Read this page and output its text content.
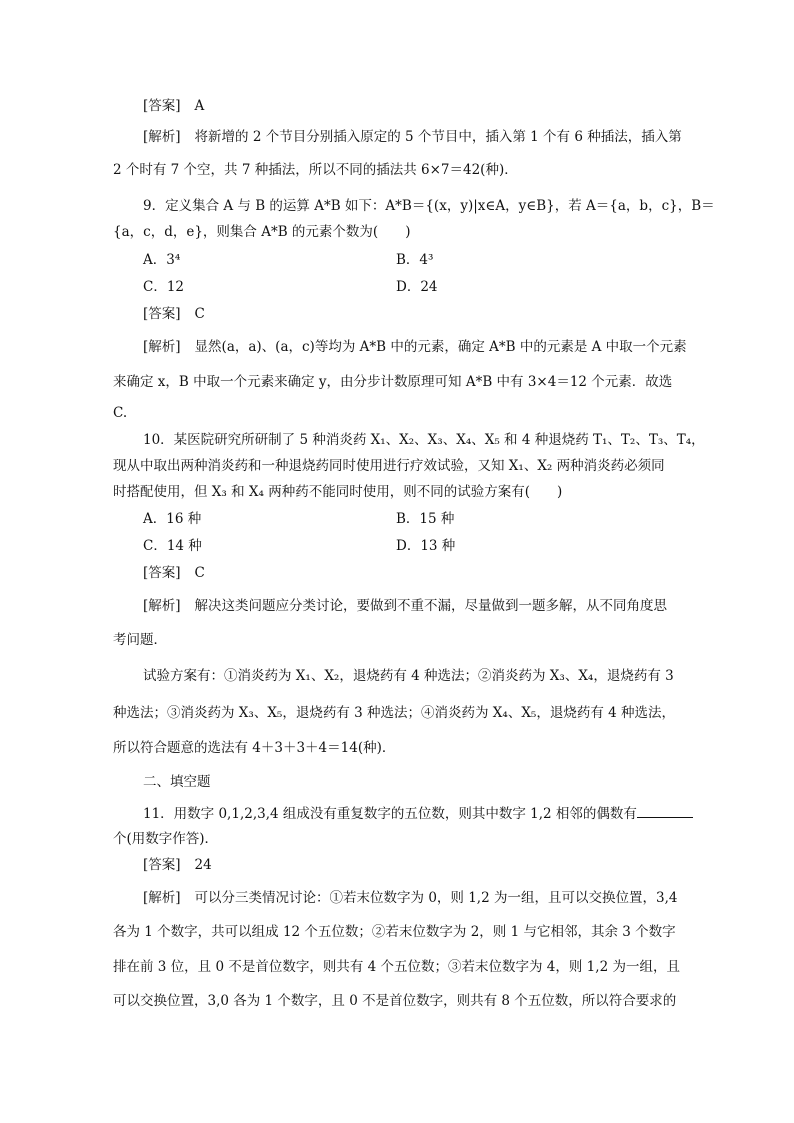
[答案] A
[解析] 将新增的 2 个节目分别插入原定的 5 个节目中，插入第 1 个有 6 种插法，插入第
2 个时有 7 个空，共 7 种插法，所以不同的插法共 6×7＝42(种)．
9．定义集合 A 与 B 的运算 A*B 如下：A*B＝{(x，y)|x∈A，y∈B}，若 A＝{a，b，c}，B＝
{a，c，d，e}，则集合 A*B 的元素个数为(　　)
A．3⁴	B．4³
C．12	D．24
[答案] C
[解析] 显然(a，a)、(a，c)等均为 A*B 中的元素，确定 A*B 中的元素是 A 中取一个元素
来确定 x，B 中取一个元素来确定 y，由分步计数原理可知 A*B 中有 3×4＝12 个元素．故选
C.
10．某医院研究所研制了 5 种消炎药 X₁、X₂、X₃、X₄、X₅ 和 4 种退烧药 T₁、T₂、T₃、T₄，
现从中取出两种消炎药和一种退烧药同时使用进行疗效试验，又知 X₁、X₂ 两种消炎药必须同
时搭配使用，但 X₃ 和 X₄ 两种药不能同时使用，则不同的试验方案有(　　)
A．16 种	B．15 种
C．14 种	D．13 种
[答案] C
[解析] 解决这类问题应分类讨论，要做到不重不漏，尽量做到一题多解，从不同角度思
考问题．
试验方案有：①消炎药为 X₁、X₂，退烧药有 4 种选法；②消炎药为 X₃、X₄，退烧药有 3
种选法；③消炎药为 X₃、X₅，退烧药有 3 种选法；④消炎药为 X₄、X₅，退烧药有 4 种选法，
所以符合题意的选法有 4＋3＋3＋4＝14(种)．
二、填空题
11．用数字 0,1,2,3,4 组成没有重复数字的五位数，则其中数字 1,2 相邻的偶数有
个(用数字作答)．
[答案] 24
[解析] 可以分三类情况讨论：①若末位数字为 0，则 1,2 为一组，且可以交换位置，3,4
各为 1 个数字，共可以组成 12 个五位数；②若末位数字为 2，则 1 与它相邻，其余 3 个数字
排在前 3 位，且 0 不是首位数字，则共有 4 个五位数；③若末位数字为 4，则 1,2 为一组，且
可以交换位置，3,0 各为 1 个数字，且 0 不是首位数字，则共有 8 个五位数，所以符合要求的
